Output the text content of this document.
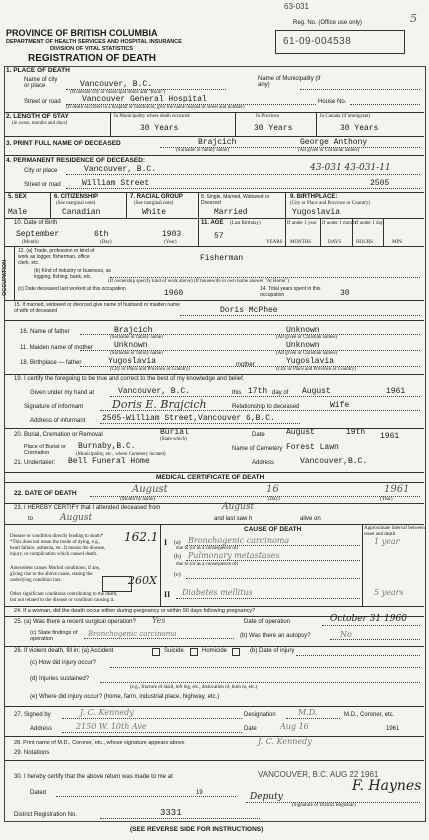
63-031
5
PROVINCE OF BRITISH COLUMBIA
DEPARTMENT OF HEALTH SERVICES AND HOSPITAL INSURANCE
DIVISION OF VITAL STATISTICS
REGISTRATION OF DEATH
Reg. No. (Office use only)
61-09-004538
1. PLACE OF DEATH
Name of city or place	Vancouver, B.C.
(If outside city or municipal limits add "Rural")
Name of Municipality (if any)
Street or road	Vancouver General Hospital
(If death occurred in a hospital or institution, give the name instead of street and number)
House No.
2. LENGTH OF STAY
(in years, months and days)
In Municipality where death occurred	In Province	In Canada (if immigrant)
30 Years	30 Years	30 Years
3. PRINT FULL NAME OF DECEASED	Brajcich	George Anthony
(Surname or family name)	(All given or Christian names)
4. PERMANENT RESIDENCE OF DECEASED:
City or place	Vancouver, B.C.	43-031 43-031-11
Street or road	William Street	2505
5. SEX	6. CITIZENSHIP
(See marginal note)
7. RACIAL GROUP
(See marginal note)
8. Single, Married, Widowed or Divorced
9. BIRTHPLACE:
(City or Place and Province or Country)
Male	Canadian	White	Married	Yugoslavia
10. Date of Birth
September	6th	1903
(Month)	(Day)	(Year)
11. AGE (Last Birthday)
57
YEARS
If under 1 year If under 1 month If under 1 day
MONTHS	DAYS	HOURS	MIN.
OCCUPATION
12. (a) Trade, profession or kind of work as logger, fisherman, office clerk, etc.	Fisherman
(b) Kind of industry or business, as logging, fishing, bank, etc.
(If ownership specify kind of work above) (If housewife in own home answer "At Home")
(c) Date deceased last worked at this occupation	1960	14. Total years spent in this occupation	30
15. If married, widowed or divorced give name of husband or maiden name of wife of deceased	Doris McPhee
16. Name of father	Brajcich	Unknown
(Surname or family name)	(All given or Christian names)
11. Maiden name of mother	Unknown	Unknown
(Surname or family name)	(All given or Christian names)
18. Birthplace — father	Yugoslavia	mother	Yugoslavia
(City or Place and Province or Country)	(City or Place and Province or Country)
19. I certify the foregoing to be true and correct to the best of my knowledge and belief.
Given under my hand at	Vancouver, B.C.	this 17th day of August	1961
Signature of informant	Doris E. Brajcich	Relationship to deceased	Wife
Address of informant 2505-William Street,Vancouver 6,B.C.
20. Burial, Cremation or Removal	Burial
(State which)
Date	August	19th 1961
Place of Burial or Cremation
Burnaby,B.C.
(Municipality, etc., where Cemetery located)
Name of Cemetery Forest Lawn
21. Undertaker: Bell Funeral Home	Address	Vancouver,B.C.
MEDICAL CERTIFICATE OF DEATH
22. DATE OF DEATH	August	16	1961
(Month by name)	(Day)	(Year)
23. I HEREBY CERTIFY that I attended deceased from	August
to	August	and last saw h	alive on
CAUSE OF DEATH	Approximate interval between onset and death
Disease or condition directly leading to death* *This does not mean the mode of dying, e.g., heart failure, asthenia, etc. It means the disease, injury, or complication which caused death.
Antecedent causes Morbid conditions, if any, giving rise to the above cause, stating the underlying condition last.
Other significant conditions contributing to the death, but not related to the disease or condition causing it.
I (a) Bronchogenic carcinoma
due to (or as a consequence of)
162.1	1 year
(b) Pulmonary metastases
due to (or as a consequence of)
(c)
260X
II Diabetes mellitus	5 years
24. If a woman, did the death occur either during pregnancy or within 90 days following pregnancy?
25. (a) Was there a recent surgical operation? Yes	Date of operation	October 31 1960
(c) State findings of operation
Bronchogenic carcinoma	(b) Was there an autopsy?	No
26. If violent death, fill in: (a) Accident	Suicide	Homicide	(b) Date of injury
(c) How did injury occur?
(d) Injuries sustained?
(e.g., fracture of skull, left leg, etc., dislocation of, burn to, etc.)
(e) Where did injury occur? (home, farm, industrial place, highway, etc.)
27. Signed by	J. C. Kennedy	Designation	M.D.	M.D., Coroner, etc.
Address	2150 W. 10th Ave	Date	Aug 16	1961
28. Print name of M.D., Coroner, etc., whose signature appears above	J. C. Kennedy
29. Notations
30. I hereby certify that the above return was made to me at	VANCOUVER, B.C. AUG 22 1961
Dated	19	F. Haynes
Deputy
(Signature of District Registrar)
District Registration No.	3331
(SEE REVERSE SIDE FOR INSTRUCTIONS)
